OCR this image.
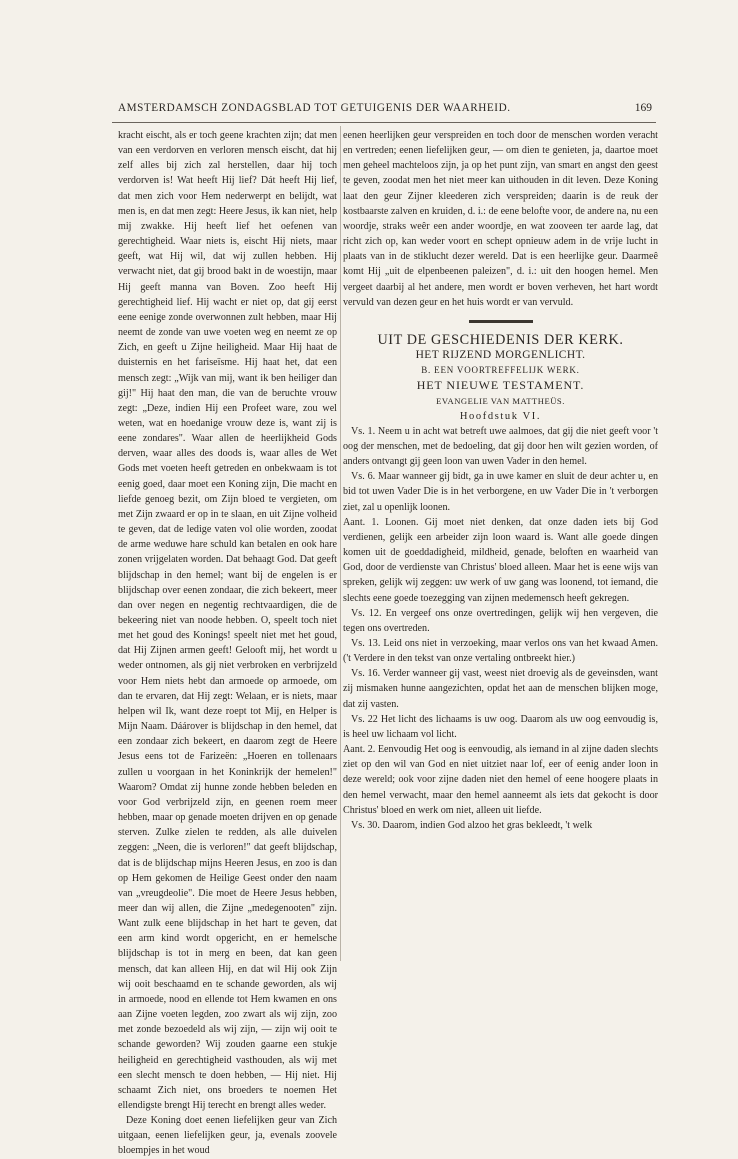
AMSTERDAMSCH ZONDAGSBLAD TOT GETUIGENIS DER WAARHEID.	169

kracht eischt, als er toch geene krachten zijn; dat men van een verdorven en verloren mensch eischt, dat hij zelf alles bij zich zal herstellen, daar hij toch verdorven is! Wat heeft Hij lief? Dát heeft Hij lief, dat men zich voor Hem nederwerpt en belijdt, wat men is, en dat men zegt: Heere Jesus, ik kan niet, help mij zwakke. Hij heeft lief het oefenen van gerechtigheid. Waar niets is, eischt Hij niets, maar geeft, wat Hij wil, dat wij zullen hebben. Hij verwacht niet, dat gij brood bakt in de woestijn, maar Hij geeft manna van Boven. Zoo heeft Hij gerechtigheid lief. Hij wacht er niet op, dat gij eerst eene eenige zonde overwonnen zult hebben, maar Hij neemt de zonde van uwe voeten weg en neemt ze op Zich, en geeft u Zijne heiligheid. Maar Hij haat de duisternis en het fariseïsme. Hij haat het, dat een mensch zegt: „Wijk van mij, want ik ben heiliger dan gij!" Hij haat den man, die van de beruchte vrouw zegt: „Deze, indien Hij een Profeet ware, zou wel weten, wat en hoedanige vrouw deze is, want zij is eene zondares". Waar allen de heerlijkheid Gods derven, waar alles des doods is, waar alles de Wet Gods met voeten heeft getreden en onbekwaam is tot eenig goed, daar moet een Koning zijn, Die macht en liefde genoeg bezit, om Zijn bloed te vergieten, om met Zijn zwaard er op in te slaan, en uit Zijne volheid te geven, dat de ledige vaten vol olie worden, zoodat de arme weduwe hare schuld kan betalen en ook hare zonen vrijgelaten worden. Dat behaagt God. Dat geeft blijdschap in den hemel; want bij de engelen is er blijdschap over eenen zondaar, die zich bekeert, meer dan over negen en negentig rechtvaardigen, die de bekeering niet van noode hebben. O, speelt toch niet met het goud des Konings! speelt niet met het goud, dat Hij Zijnen armen geeft! Gelooft mij, het wordt u weder ontnomen, als gij niet verbroken en verbrijzeld voor Hem niets hebt dan armoede op armoede, om dan te ervaren, dat Hij zegt: Welaan, er is niets, maar helpen wil Ik, want deze roept tot Mij, en Helper is Mijn Naam. Dáárover is blijdschap in den hemel, dat een zondaar zich bekeert, en daarom zegt de Heere Jesus eens tot de Farizeën: „Hoeren en tollenaars zullen u voorgaan in het Koninkrijk der hemelen!" Waarom? Omdat zij hunne zonde hebben beleden en voor God verbrijzeld zijn, en geenen roem meer hebben, maar op genade moeten drijven en op genade sterven. Zulke zielen te redden, als alle duivelen zeggen: „Neen, die is verloren!" dat geeft blijdschap, dat is de blijdschap mijns Heeren Jesus, en zoo is dan op Hem gekomen de Heilige Geest onder den naam van „vreugdeolie". Die moet de Heere Jesus hebben, meer dan wij allen, die Zijne „medegenooten" zijn. Want zulk eene blijdschap in het hart te geven, dat een arm kind wordt opgericht, en er hemelsche blijdschap is tot in merg en been, dat kan geen mensch, dat kan alleen Hij, en dat wil Hij ook Zijn wij ooit beschaamd en te schande geworden, als wij in armoede, nood en ellende tot Hem kwamen en ons aan Zijne voeten legden, zoo zwart als wij zijn, zoo met zonde bezoedeld als wij zijn, — zijn wij ooit te schande geworden? Wij zouden gaarne een stukje heiligheid en gerechtigheid vasthouden, als wij met een slecht mensch te doen hebben, — Hij niet. Hij schaamt Zich niet, ons broeders te noemen Het ellendigste brengt Hij terecht en brengt alles weder.

Deze Koning doet eenen liefelijken geur van Zich uitgaan, eenen liefelijken geur, ja, evenals zoovele bloempjes in het woud

eenen heerlijken geur verspreiden en toch door de menschen worden veracht en vertreden; eenen liefelijken geur, — om dien te genieten, ja, daartoe moet men geheel machteloos zijn, ja op het punt zijn, van smart en angst den geest te geven, zoodat men het niet meer kan uithouden in dit leven. Deze Koning laat den geur Zijner kleederen zich verspreiden; daarin is de reuk der kostbaarste zalven en kruiden, d. i.: de eene belofte voor, de andere na, nu een woordje, straks weêr een ander woordje, en wat zooveen ter aarde lag, dat richt zich op, kan weder voort en schept opnieuw adem in de vrije lucht in plaats van in de stiklucht dezer wereld. Dat is een heerlijke geur. Daarmeê komt Hij „uit de elpenbeenen paleizen", d. i.: uit den hoogen hemel. Men vergeet daarbij al het andere, men wordt er boven verheven, het hart wordt vervuld van dezen geur en het huis wordt er van vervuld.

UIT DE GESCHIEDENIS DER KERK.

HET RIJZEND MORGENLICHT.

B. EEN VOORTREFFELIJK WERK.

HET NIEUWE TESTAMENT.

EVANGELIE VAN MATTHEÜS.

Hoofdstuk VI.

Vs. 1. Neem u in acht wat betreft uwe aalmoes, dat gij die niet geeft voor 't oog der menschen, met de bedoeling, dat gij door hen wilt gezien worden, of anders ontvangt gij geen loon van uwen Vader in den hemel.

Vs. 6. Maar wanneer gij bidt, ga in uwe kamer en sluit de deur achter u, en bid tot uwen Vader Die is in het verborgene, en uw Vader Die in 't verborgen ziet, zal u openlijk loonen.

Aant. 1. Loonen. Gij moet niet denken, dat onze daden iets bij God verdienen, gelijk een arbeider zijn loon waard is. Want alle goede dingen komen uit de goeddadigheid, mildheid, genade, beloften en waarheid van God, door de verdienste van Christus' bloed alleen. Maar het is eene wijs van spreken, gelijk wij zeggen: uw werk of uw gang was loonend, tot iemand, die slechts eene goede toezegging van zijnen medemensch heeft gekregen.

Vs. 12. En vergeef ons onze overtredingen, gelijk wij hen vergeven, die tegen ons overtreden.

Vs. 13. Leid ons niet in verzoeking, maar verlos ons van het kwaad Amen. ('t Verdere in den tekst van onze vertaling ontbreekt hier.)

Vs. 16. Verder wanneer gij vast, weest niet droevig als de geveinsden, want zij mismaken hunne aangezichten, opdat het aan de menschen blijken moge, dat zij vasten.

Vs. 22 Het licht des lichaams is uw oog. Daarom als uw oog eenvoudig is, is heel uw lichaam vol licht.

Aant. 2. Eenvoudig Het oog is eenvoudig, als iemand in al zijne daden slechts ziet op den wil van God en niet uitziet naar lof, eer of eenig ander loon in deze wereld; ook voor zijne daden niet den hemel of eene hoogere plaats in den hemel verwacht, maar den hemel aanneemt als iets dat gekocht is door Christus' bloed en werk om niet, alleen uit liefde.

Vs. 30. Daarom, indien God alzoo het gras bekleedt, 't welk
